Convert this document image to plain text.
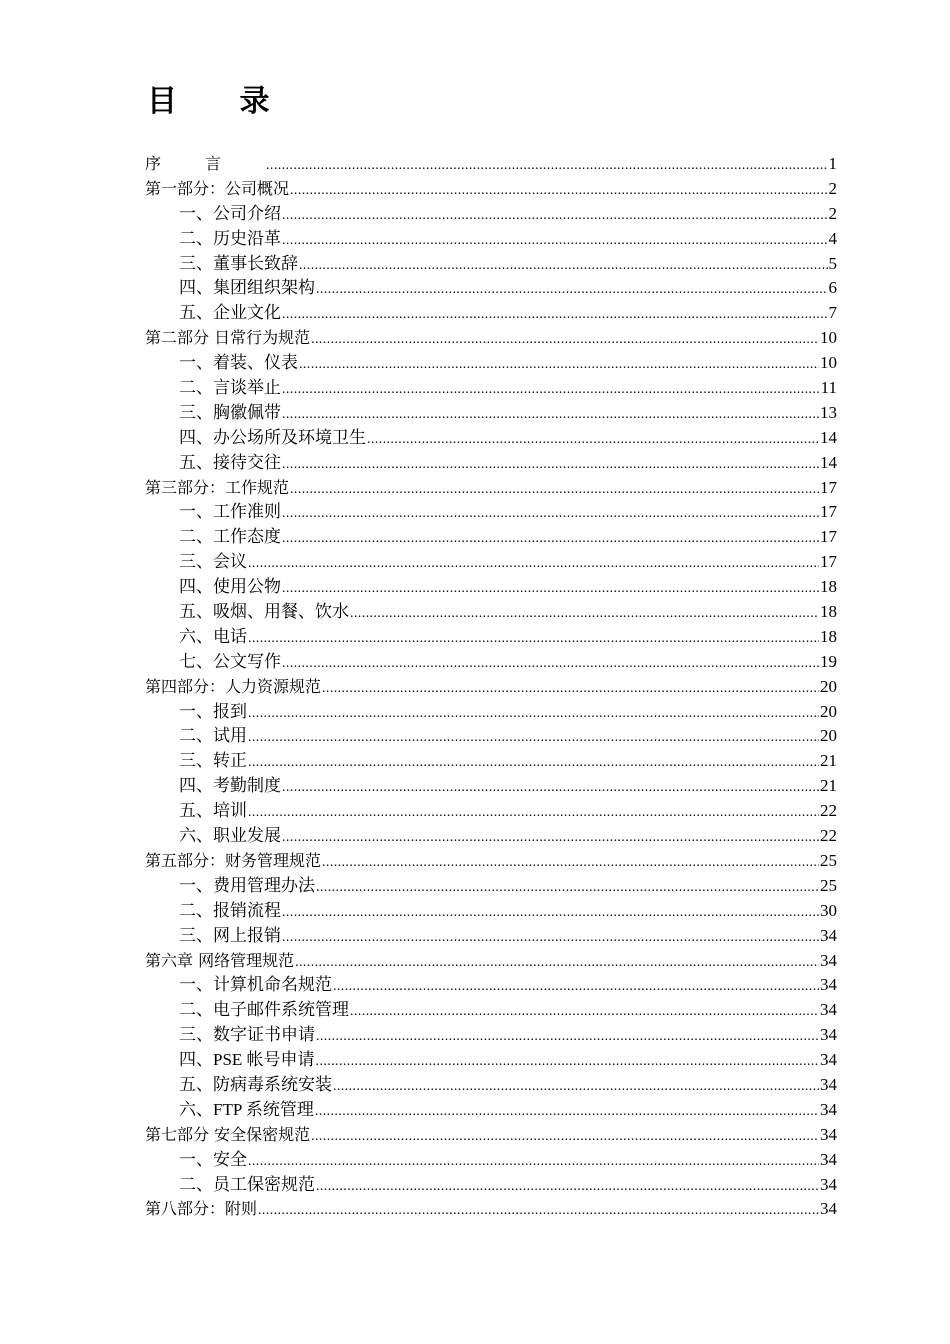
目 录
序言 .....	1
第一部分：公司概况 .....	2
一、公司介绍 .....	2
二、历史沿革 .....	4
三、董事长致辞 .....	5
四、集团组织架构 .....	6
五、企业文化 .....	7
第二部分 日常行为规范 .....	10
一、着装、仪表 .....	10
二、言谈举止 .....	11
三、胸徽佩带 .....	13
四、办公场所及环境卫生 .....	14
五、接待交往 .....	14
第三部分：工作规范 .....	17
一、工作准则 .....	17
二、工作态度 .....	17
三、会议 .....	17
四、使用公物 .....	18
五、吸烟、用餐、饮水 .....	18
六、电话 .....	18
七、公文写作 .....	19
第四部分：人力资源规范 .....	20
一、报到 .....	20
二、试用 .....	20
三、转正 .....	21
四、考勤制度 .....	21
五、培训 .....	22
六、职业发展 .....	22
第五部分：财务管理规范 .....	25
一、费用管理办法 .....	25
二、报销流程 .....	30
三、网上报销 .....	34
第六章 网络管理规范 .....	34
一、计算机命名规范 .....	34
二、电子邮件系统管理 .....	34
三、数字证书申请 .....	34
四、PSE 帐号申请 .....	34
五、防病毒系统安装 .....	34
六、FTP 系统管理 .....	34
第七部分 安全保密规范 .....	34
一、安全 .....	34
二、员工保密规范 .....	34
第八部分：附则 .....	34
